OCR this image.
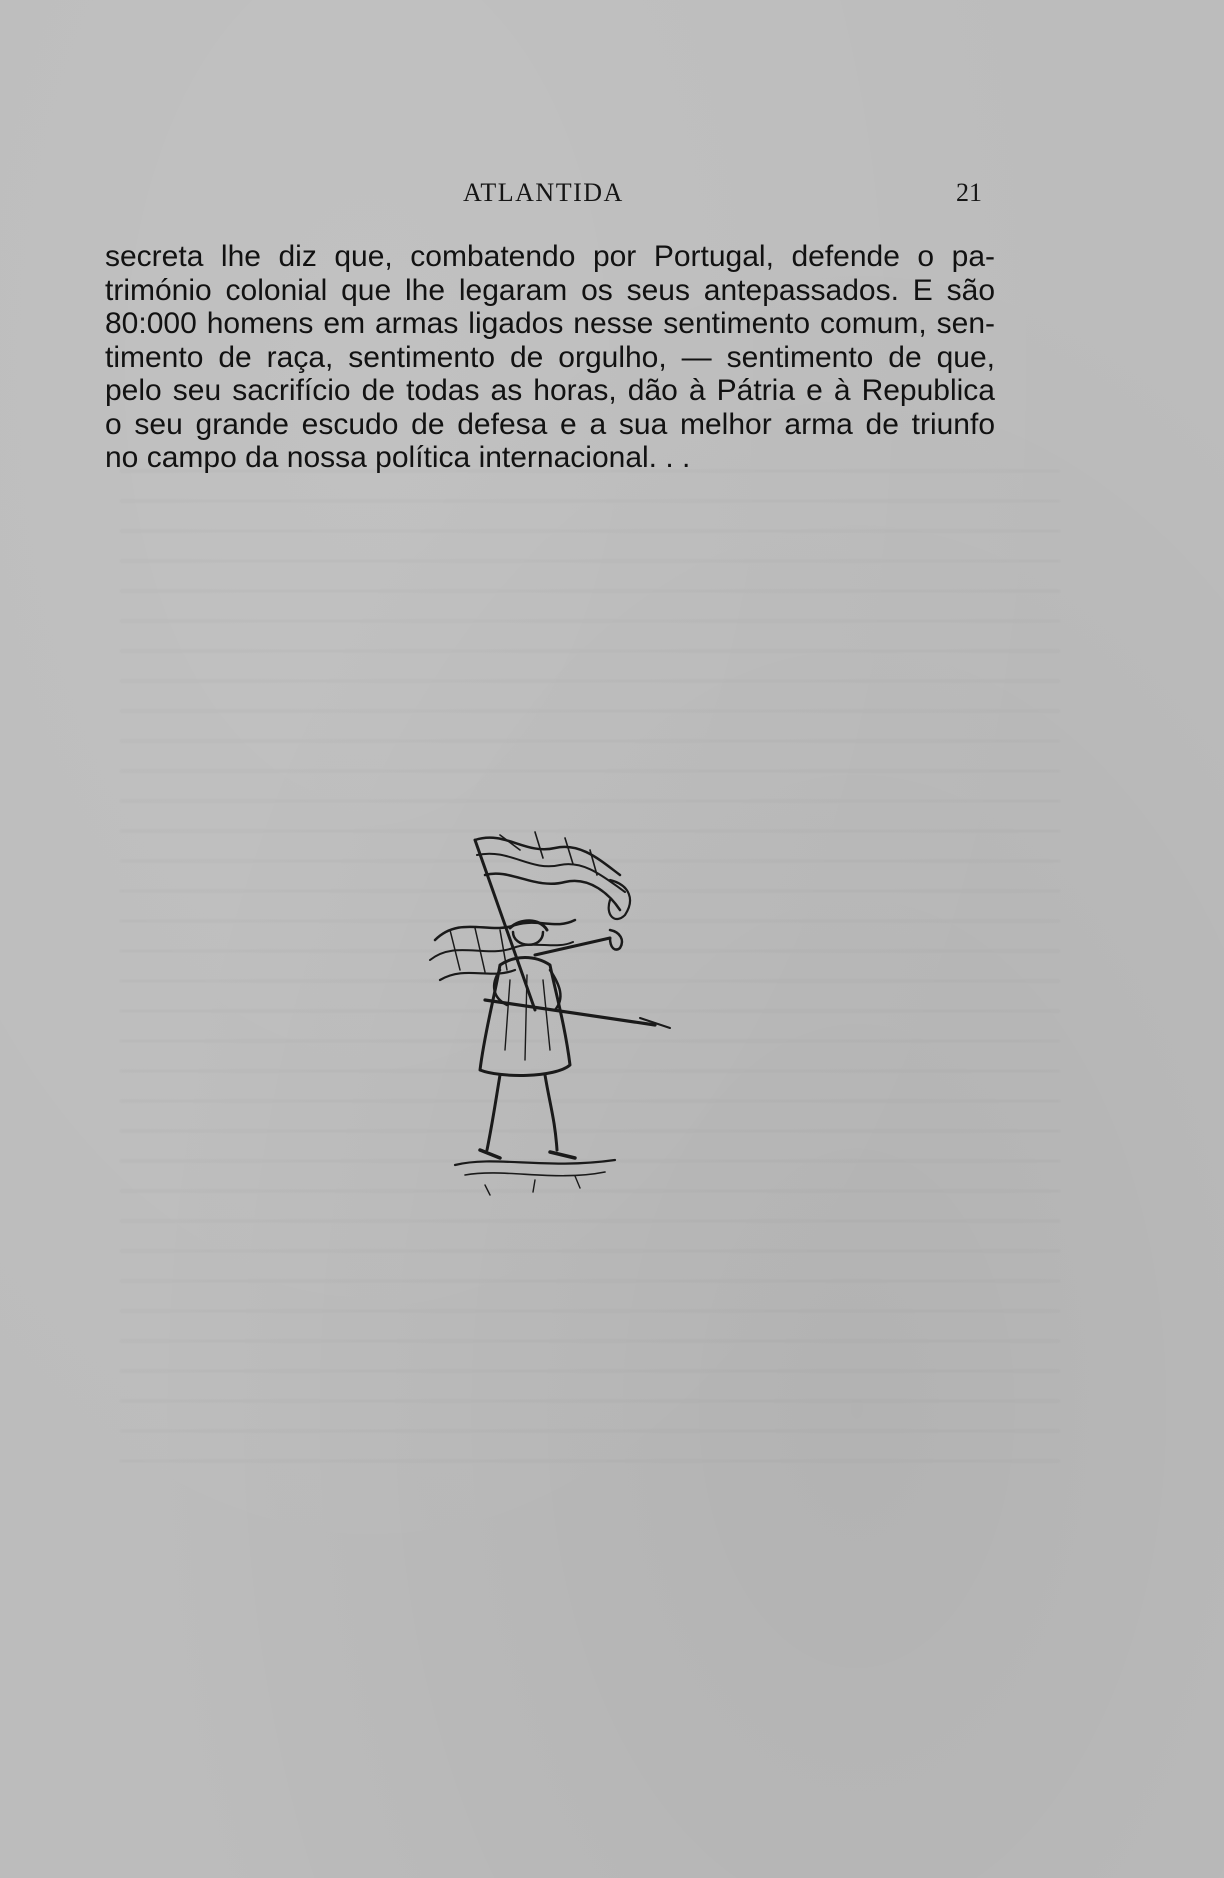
ATLANTIDA	21
secreta lhe diz que, combatendo por Portugal, defende o pa-
trimónio colonial que lhe legaram os seus antepassados. E são
80:000 homens em armas ligados nesse sentimento comum, sen-
timento de raça, sentimento de orgulho, — sentimento de que,
pelo seu sacrifício de todas as horas, dão à Pátria e à Republica
o seu grande escudo de defesa e a sua melhor arma de triunfo
no campo da nossa política internacional. . .
